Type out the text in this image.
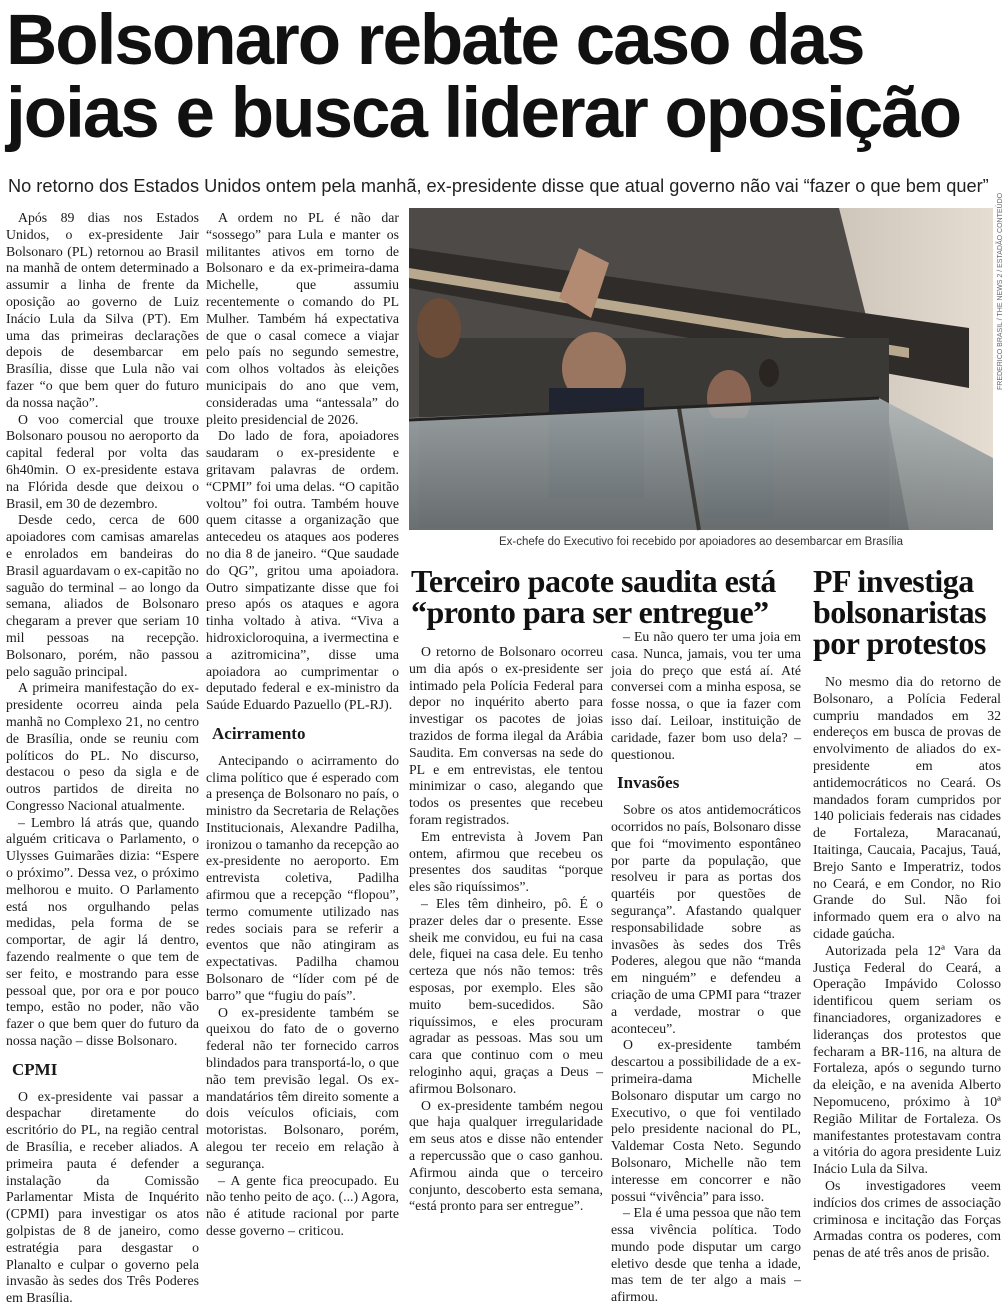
Bolsonaro rebate caso das joias e busca liderar oposição
No retorno dos Estados Unidos ontem pela manhã, ex-presidente disse que atual governo não vai “fazer o que bem quer”

Após 89 dias nos Estados Unidos, o ex-presidente Jair Bolsonaro (PL) retornou ao Brasil na manhã de ontem determinado a assumir a linha de frente da oposição ao governo de Luiz Inácio Lula da Silva (PT). Em uma das primeiras declarações depois de desembarcar em Brasília, disse que Lula não vai fazer “o que bem quer do futuro da nossa nação”.

O voo comercial que trouxe Bolsonaro pousou no aeroporto da capital federal por volta das 6h40min. O ex-presidente estava na Flórida desde que deixou o Brasil, em 30 de dezembro.

Desde cedo, cerca de 600 apoiadores com camisas amarelas e enrolados em bandeiras do Brasil aguardavam o ex-capitão no saguão do terminal – ao longo da semana, aliados de Bolsonaro chegaram a prever que seriam 10 mil pessoas na recepção. Bolsonaro, porém, não passou pelo saguão principal.

A primeira manifestação do ex-presidente ocorreu ainda pela manhã no Complexo 21, no centro de Brasília, onde se reuniu com políticos do PL. No discurso, destacou o peso da sigla e de outros partidos de direita no Congresso Nacional atualmente.

– Lembro lá atrás que, quando alguém criticava o Parlamento, o Ulysses Guimarães dizia: “Espere o próximo”. Dessa vez, o próximo melhorou e muito. O Parlamento está nos orgulhando pelas medidas, pela forma de se comportar, de agir lá dentro, fazendo realmente o que tem de ser feito, e mostrando para esse pessoal que, por ora e por pouco tempo, estão no poder, não vão fazer o que bem quer do futuro da nossa nação – disse Bolsonaro.

CPMI

O ex-presidente vai passar a despachar diretamente do escritório do PL, na região central de Brasília, e receber aliados. A primeira pauta é defender a instalação da Comissão Parlamentar Mista de Inquérito (CPMI) para investigar os atos golpistas de 8 de janeiro, como estratégia para desgastar o Planalto e culpar o governo pela invasão às sedes dos Três Poderes em Brasília.

A ordem no PL é não dar “sossego” para Lula e manter os militantes ativos em torno de Bolsonaro e da ex-primeira-dama Michelle, que assumiu recentemente o comando do PL Mulher. Também há expectativa de que o casal comece a viajar pelo país no segundo semestre, com olhos voltados às eleições municipais do ano que vem, consideradas uma “antessala” do pleito presidencial de 2026.

Do lado de fora, apoiadores saudaram o ex-presidente e gritavam palavras de ordem. “CPMI” foi uma delas. “O capitão voltou” foi outra. Também houve quem citasse a organização que antecedeu os ataques aos poderes no dia 8 de janeiro. “Que saudade do QG”, gritou uma apoiadora. Outro simpatizante disse que foi preso após os ataques e agora tinha voltado à ativa. “Viva a hidroxicloroquina, a ivermectina e a azitromicina”, disse uma apoiadora ao cumprimentar o deputado federal e ex-ministro da Saúde Eduardo Pazuello (PL-RJ).

Acirramento

Antecipando o acirramento do clima político que é esperado com a presença de Bolsonaro no país, o ministro da Secretaria de Relações Institucionais, Alexandre Padilha, ironizou o tamanho da recepção ao ex-presidente no aeroporto. Em entrevista coletiva, Padilha afirmou que a recepção “flopou”, termo comumente utilizado nas redes sociais para se referir a eventos que não atingiram as expectativas. Padilha chamou Bolsonaro de “líder com pé de barro” que “fugiu do país”.

O ex-presidente também se queixou do fato de o governo federal não ter fornecido carros blindados para transportá-lo, o que não tem previsão legal. Os ex-mandatários têm direito somente a dois veículos oficiais, com motoristas. Bolsonaro, porém, alegou ter receio em relação à segurança.

– A gente fica preocupado. Eu não tenho peito de aço. (...) Agora, não é atitude racional por parte desse governo – criticou.

FREDERICO BRASIL / THE NEWS 2 / ESTADÃO CONTEÚDO
Ex-chefe do Executivo foi recebido por apoiadores ao desembarcar em Brasília
Terceiro pacote saudita está “pronto para ser entregue”

O retorno de Bolsonaro ocorreu um dia após o ex-presidente ser intimado pela Polícia Federal para depor no inquérito aberto para investigar os pacotes de joias trazidos de forma ilegal da Arábia Saudita. Em conversas na sede do PL e em entrevistas, ele tentou minimizar o caso, alegando que todos os presentes que recebeu foram registrados.

Em entrevista à Jovem Pan ontem, afirmou que recebeu os presentes dos sauditas “porque eles são riquíssimos”.

– Eles têm dinheiro, pô. É o prazer deles dar o presente. Esse sheik me convidou, eu fui na casa dele, fiquei na casa dele. Eu tenho certeza que nós não temos: três esposas, por exemplo. Eles são muito bem-sucedidos. São riquíssimos, e eles procuram agradar as pessoas. Mas sou um cara que continuo com o meu reloginho aqui, graças a Deus – afirmou Bolsonaro.

O ex-presidente também negou que haja qualquer irregularidade em seus atos e disse não entender a repercussão que o caso ganhou. Afirmou ainda que o terceiro conjunto, descoberto esta semana, “está pronto para ser entregue”.

– Eu não quero ter uma joia em casa. Nunca, jamais, vou ter uma joia do preço que está aí. Até conversei com a minha esposa, se fosse nossa, o que ia fazer com isso daí. Leiloar, instituição de caridade, fazer bom uso dela? – questionou.

Invasões

Sobre os atos antidemocráticos ocorridos no país, Bolsonaro disse que foi “movimento espontâneo por parte da população, que resolveu ir para as portas dos quartéis por questões de segurança”. Afastando qualquer responsabilidade sobre as invasões às sedes dos Três Poderes, alegou que não “manda em ninguém” e defendeu a criação de uma CPMI para “trazer a verdade, mostrar o que aconteceu”.

O ex-presidente também descartou a possibilidade de a ex-primeira-dama Michelle Bolsonaro disputar um cargo no Executivo, o que foi ventilado pelo presidente nacional do PL, Valdemar Costa Neto. Segundo Bolsonaro, Michelle não tem interesse em concorrer e não possui “vivência” para isso.

– Ela é uma pessoa que não tem essa vivência política. Todo mundo pode disputar um cargo eletivo desde que tenha a idade, mas tem de ter algo a mais – afirmou.

PF investiga bolsonaristas por protestos

No mesmo dia do retorno de Bolsonaro, a Polícia Federal cumpriu mandados em 32 endereços em busca de provas de envolvimento de aliados do ex-presidente em atos antidemocráticos no Ceará. Os mandados foram cumpridos por 140 policiais federais nas cidades de Fortaleza, Maracanaú, Itaitinga, Caucaia, Pacajus, Tauá, Brejo Santo e Imperatriz, todos no Ceará, e em Condor, no Rio Grande do Sul. Não foi informado quem era o alvo na cidade gaúcha.

Autorizada pela 12ª Vara da Justiça Federal do Ceará, a Operação Impávido Colosso identificou quem seriam os financiadores, organizadores e lideranças dos protestos que fecharam a BR-116, na altura de Fortaleza, após o segundo turno da eleição, e na avenida Alberto Nepomuceno, próximo à 10ª Região Militar de Fortaleza. Os manifestantes protestavam contra a vitória do agora presidente Luiz Inácio Lula da Silva.

Os investigadores veem indícios dos crimes de associação criminosa e incitação das Forças Armadas contra os poderes, com penas de até três anos de prisão.
